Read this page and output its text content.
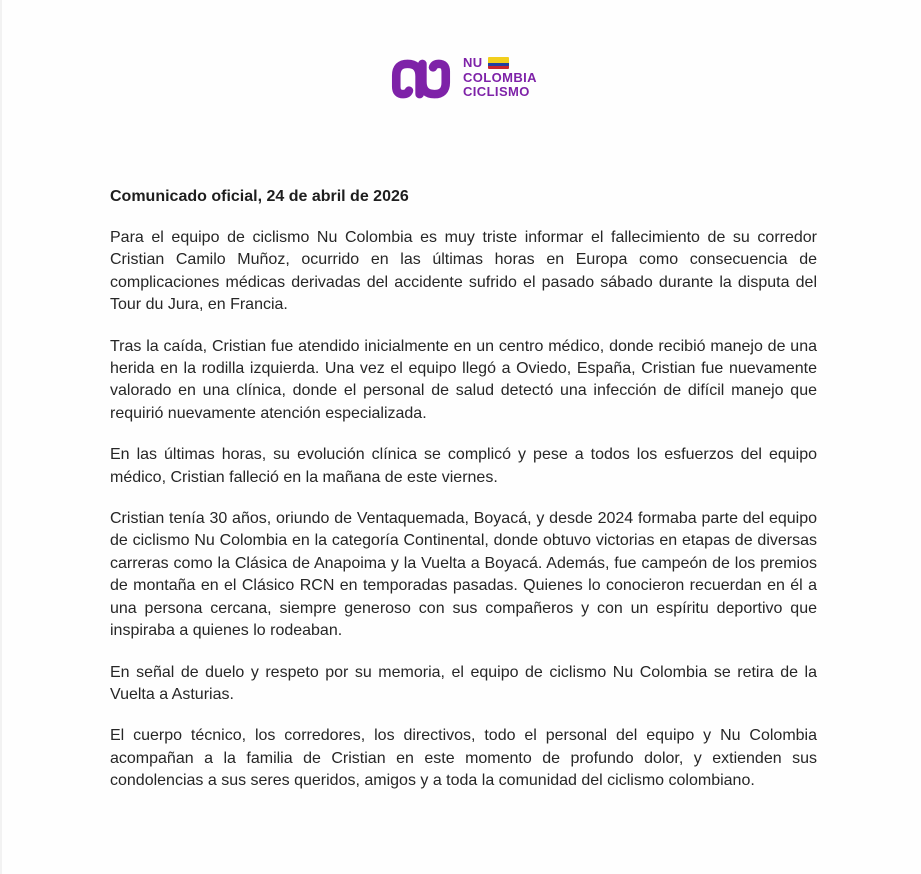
NU
COLOMBIA
CICLISMO
Comunicado oficial, 24 de abril de 2026

Para el equipo de ciclismo Nu Colombia es muy triste informar el fallecimiento de su corredor Cristian Camilo Muñoz, ocurrido en las últimas horas en Europa como consecuencia de complicaciones médicas derivadas del accidente sufrido el pasado sábado durante la disputa del Tour du Jura, en Francia.

Tras la caída, Cristian fue atendido inicialmente en un centro médico, donde recibió manejo de una herida en la rodilla izquierda. Una vez el equipo llegó a Oviedo, España, Cristian fue nuevamente valorado en una clínica, donde el personal de salud detectó una infección de difícil manejo que requirió nuevamente atención especializada.

En las últimas horas, su evolución clínica se complicó y pese a todos los esfuerzos del equipo médico, Cristian falleció en la mañana de este viernes.

Cristian tenía 30 años, oriundo de Ventaquemada, Boyacá, y desde 2024 formaba parte del equipo de ciclismo Nu Colombia en la categoría Continental, donde obtuvo victorias en etapas de diversas carreras como la Clásica de Anapoima y la Vuelta a Boyacá. Además, fue campeón de los premios de montaña en el Clásico RCN en temporadas pasadas. Quienes lo conocieron recuerdan en él a una persona cercana, siempre generoso con sus compañeros y con un espíritu deportivo que inspiraba a quienes lo rodeaban.

En señal de duelo y respeto por su memoria, el equipo de ciclismo Nu Colombia se retira de la Vuelta a Asturias.

El cuerpo técnico, los corredores, los directivos, todo el personal del equipo y Nu Colombia acompañan a la familia de Cristian en este momento de profundo dolor, y extienden sus condolencias a sus seres queridos, amigos y a toda la comunidad del ciclismo colombiano.
